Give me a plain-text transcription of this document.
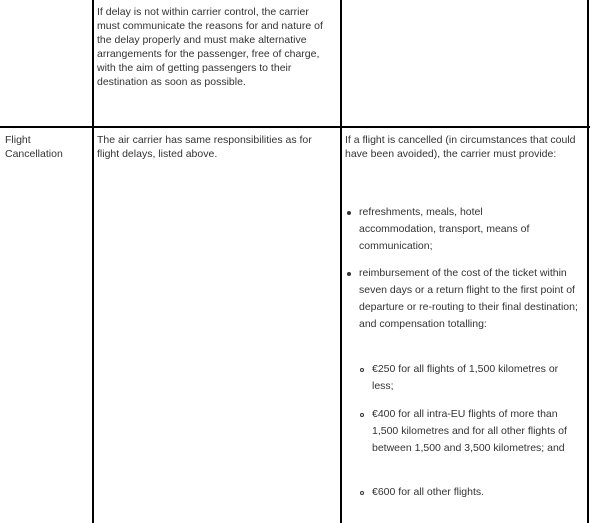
If delay is not within carrier control, the carrier must communicate the reasons for and nature of the delay properly and must make alternative arrangements for the passenger, free of charge, with the aim of getting passengers to their destination as soon as possible.
Flight Cancellation
The air carrier has same responsibilities as for flight delays, listed above.
If a flight is cancelled (in circumstances that could have been avoided), the carrier must provide:
refreshments, meals, hotel accommodation, transport, means of communication;
reimbursement of the cost of the ticket within seven days or a return flight to the first point of departure or re-routing to their final destination; and compensation totalling:
€250 for all flights of 1,500 kilometres or less;
€400 for all intra-EU flights of more than 1,500 kilometres and for all other flights of between 1,500 and 3,500 kilometres; and
€600 for all other flights.
